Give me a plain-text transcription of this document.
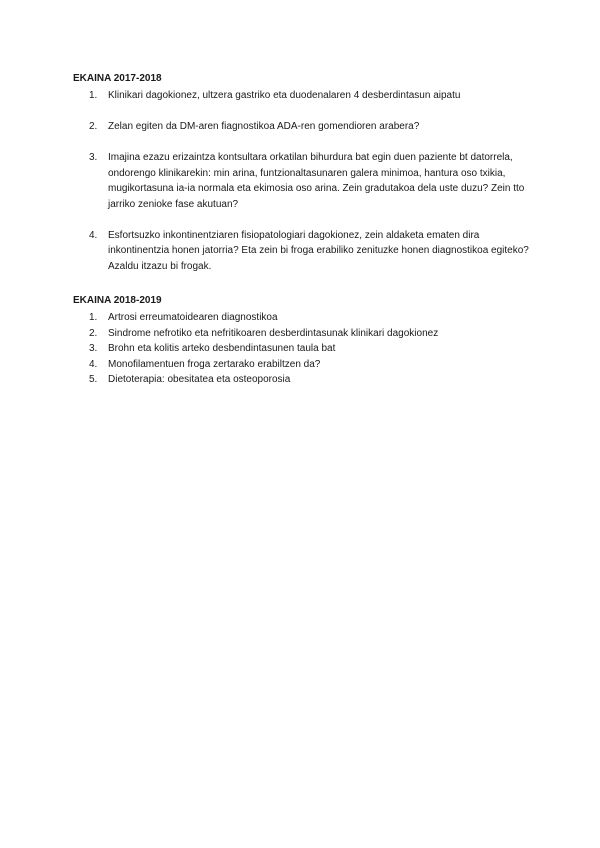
EKAINA 2017-2018
1. Klinikari dagokionez, ultzera gastriko eta duodenalaren 4 desberdintasun aipatu
2. Zelan egiten da DM-aren fiagnostikoa ADA-ren gomendioren arabera?
3. Imajina ezazu erizaintza kontsultara orkatilan bihurdura bat egin duen paziente bt datorrela, ondorengo klinikarekin: min arina, funtzionaltasunaren galera minimoa, hantura oso txikia, mugikortasuna ia-ia normala eta ekimosia oso arina. Zein gradutakoa dela uste duzu? Zein tto jarriko zenioke fase akutuan?
4. Esfortsuzko inkontinentziaren fisiopatologiari dagokionez, zein aldaketa ematen dira inkontinentzia honen jatorria? Eta zein bi froga erabiliko zenituzke honen diagnostikoa egiteko? Azaldu itzazu bi frogak.
EKAINA 2018-2019
1. Artrosi erreumatoidearen diagnostikoa
2. Sindrome nefrotiko eta nefritikoaren desberdintasunak klinikari dagokionez
3. Brohn eta kolitis arteko desbendintasunen taula bat
4. Monofilamentuen froga zertarako erabiltzen da?
5. Dietoterapia: obesitatea eta osteoporosia
